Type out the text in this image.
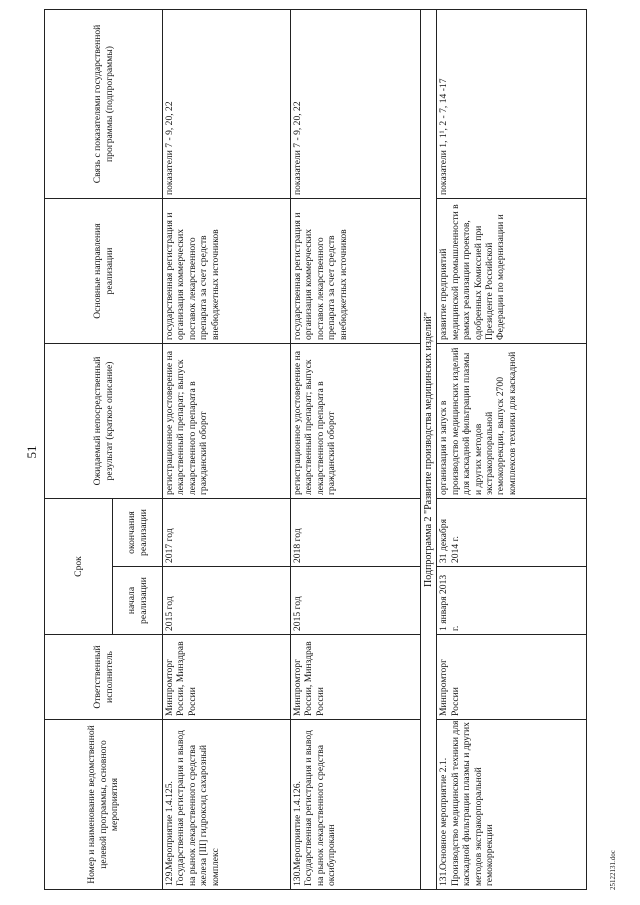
51
Номер и наименование ведомственной целевой программы, основного мероприятия	Ответственный исполнитель	Срок		Ожидаемый непосредственный результат (краткое описание)	Основные направления реализации	Связь с показателями государственной программы (подпрограммы)
		начала реализации	окончания реализации			
129.Мероприятие 1.4.125. Государственная регистрация и вывод на рынок лекарственного средства железа [III] гидроксид сахарозный комплекс	Минпромторг России, Минздрав России	2015 год	2017 год	регистрационное удостоверение на лекарственный препарат; выпуск лекарственного препарата в гражданский оборот	государственная регистрация и организация коммерческих поставок лекарственного препарата за счет средств внебюджетных источников	показатели 7 - 9, 20, 22
130.Мероприятие 1.4.126. Государственная регистрация и вывод на рынок лекарственного средства оксибупрокаин	Минпромторг России, Минздрав России	2015 год	2018 год	регистрационное удостоверение на лекарственный препарат; выпуск лекарственного препарата в гражданский оборот	государственная регистрация и организация коммерческих поставок лекарственного препарата за счет средств внебюджетных источников	показатели 7 - 9, 20, 22
Подпрограмма 2 "Развитие производства медицинских изделий"						
131.Основное мероприятие 2.1. Производство медицинской техники для каскадной фильтрации плазмы и других методов экстракорпоральной гемокоррекции	Минпромторг России	1 января 2013 г.	31 декабря 2014 г.	организация и запуск в производство медицинских изделий для каскадной фильтрации плазмы и других методов экстракорпоральной гемокоррекции, выпуск 2700 комплексов техники для каскадной	развитие предприятий медицинской промышленности в рамках реализации проектов, одобренных Комиссией при Президенте Российской Федерации по модернизации и	показатели 1, 1¹, 2 - 7, 14 -17
25122131.doc
